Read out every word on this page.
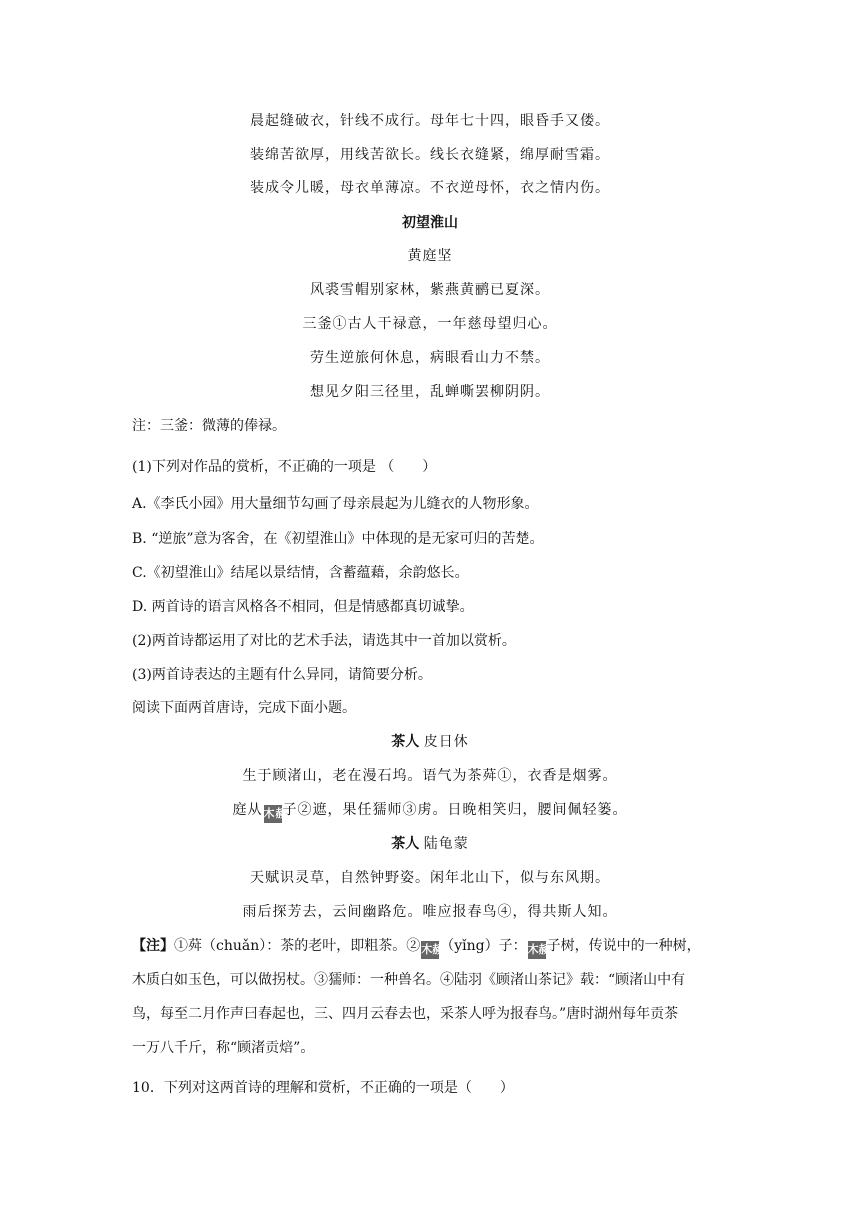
晨起缝破衣，针线不成行。母年七十四，眼昏手又偻。
装绵苦欲厚，用线苦欲长。线长衣缝紧，绵厚耐雪霜。
装成令儿暖，母衣单薄凉。不衣逆母怀，衣之情内伤。
初望淮山
黄庭坚
风裘雪帽别家林，紫燕黄鹂已夏深。
三釜①古人干禄意，一年慈母望归心。
劳生逆旅何休息，病眼看山力不禁。
想见夕阳三径里，乱蝉嘶罢柳阴阴。
注：三釜：微薄的俸禄。
(1)下列对作品的赏析，不正确的一项是 （　　）
A.《李氏小园》用大量细节勾画了母亲晨起为儿缝衣的人物形象。
B. “逆旅”意为客舍，在《初望淮山》中体现的是无家可归的苦楚。
C.《初望淮山》结尾以景结情，含蓄蕴藉，余韵悠长。
D. 两首诗的语言风格各不相同，但是情感都真切诚挚。
(2)两首诗都运用了对比的艺术手法，请选其中一首加以赏析。
(3)两首诗表达的主题有什么异同，请简要分析。
阅读下面两首唐诗，完成下面小题。
茶人 皮日休
生于顾渚山，老在漫石坞。语气为茶荈①，衣香是烟雾。
庭从木頳子②遮，果任獳师③虏。日晚相笑归，腰间佩轻篓。
茶人 陆龟蒙
天赋识灵草，自然钟野姿。闲年北山下，似与东风期。
雨后探芳去，云间幽路危。唯应报春鸟④，得共斯人知。
【注】①荈（chuǎn）：茶的老叶，即粗茶。②木頳（yǐng）子：木頳子树，传说中的一种树，
木质白如玉色，可以做拐杖。③獳师：一种兽名。④陆羽《顾渚山茶记》载：“顾渚山中有
鸟，每至二月作声曰春起也，三、四月云春去也，采茶人呼为报春鸟。”唐时湖州每年贡茶
一万八千斤，称“顾渚贡焙”。
10．下列对这两首诗的理解和赏析，不正确的一项是（　　）
